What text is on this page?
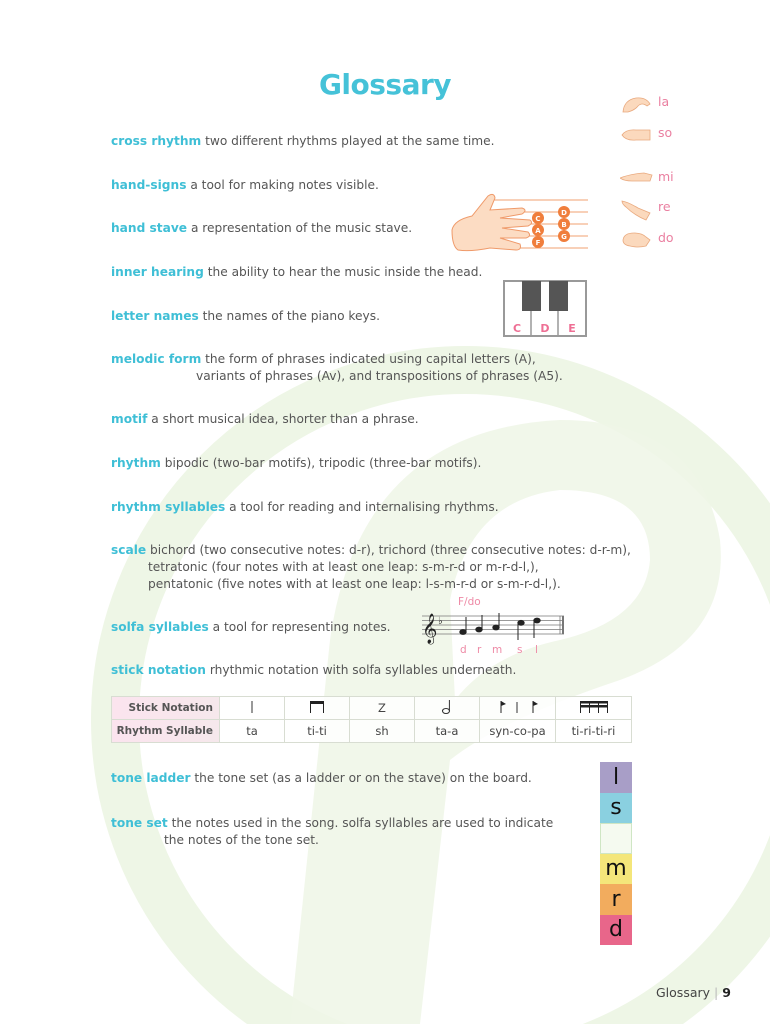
Glossary
cross rhythm two different rhythms played at the same time.
hand-signs a tool for making notes visible.
hand stave a representation of the music stave.
inner hearing the ability to hear the music inside the head.
letter names the names of the piano keys.
melodic form the form of phrases indicated using capital letters (A),
variants of phrases (Av), and transpositions of phrases (A5).
motif a short musical idea, shorter than a phrase.
rhythm bipodic (two-bar motifs), tripodic (three-bar motifs).
rhythm syllables a tool for reading and internalising rhythms.
scale bichord (two consecutive notes: d-r), trichord (three consecutive notes: d-r-m),
tetratonic (four notes with at least one leap: s-m-r-d or m-r-d-l,),
pentatonic (five notes with at least one leap: l-s-m-r-d or s-m-r-d-l,).
solfa syllables a tool for representing notes.
stick notation rhythmic notation with solfa syllables underneath.
tone ladder the tone set (as a ladder or on the stave) on the board.
tone set the notes used in the song. solfa syllables are used to indicate
the notes of the tone set.
la
so
mi
re
do
F
A
C
G
B
D
C	D	E
F/do
𝄞 ♭
d r m s l
Stick Notation			Z			
Rhythm Syllable	ta	ti-ti	sh	ta-a	syn-co-pa	ti-ri-ti-ri
l
s
m
r
d
Glossary | 9
